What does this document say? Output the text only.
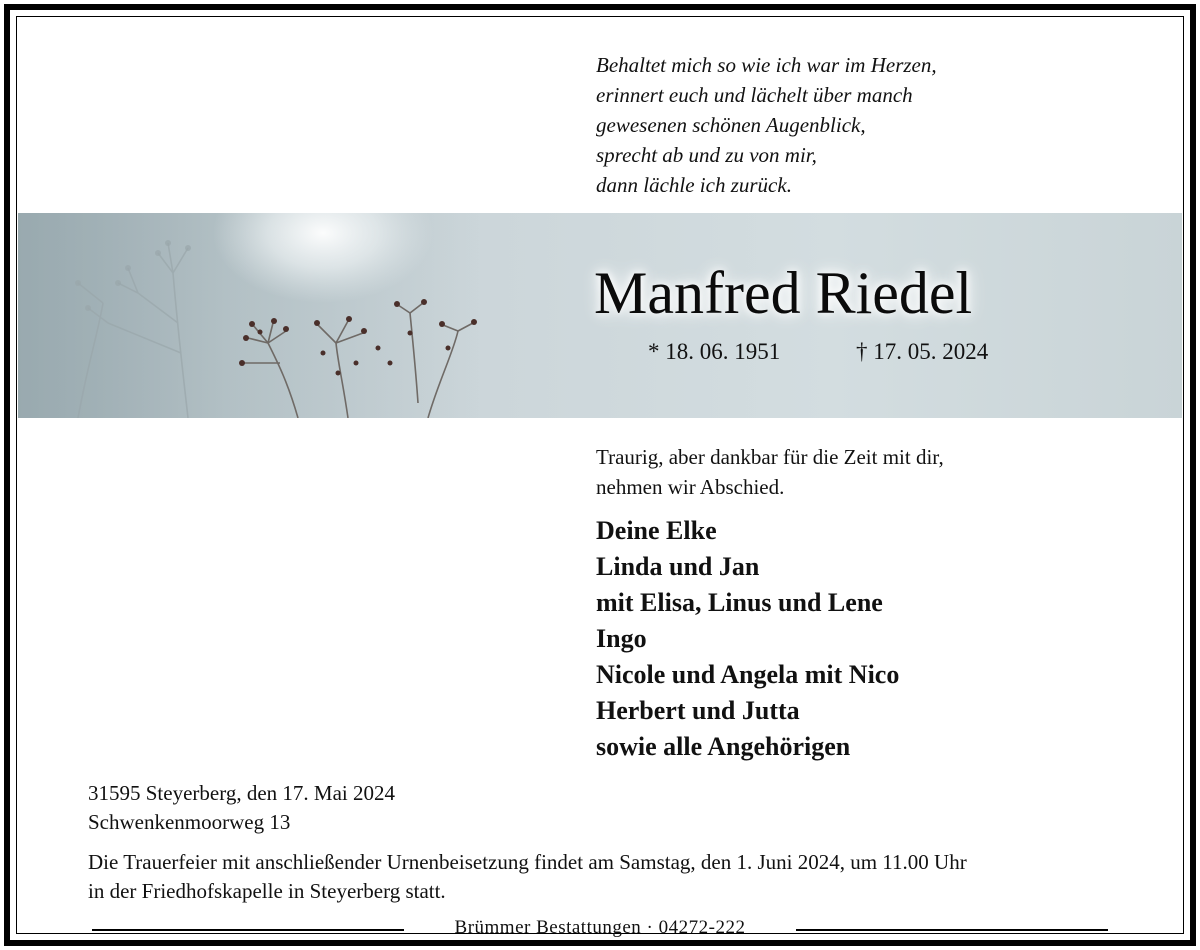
Behaltet mich so wie ich war im Herzen,
erinnert euch und lächelt über manch
gewesenen schönen Augenblick,
sprecht ab und zu von mir,
dann lächle ich zurück.
Manfred Riedel
* 18. 06. 1951	† 17. 05. 2024
Traurig, aber dankbar für die Zeit mit dir,
nehmen wir Abschied.
Deine Elke
Linda und Jan
mit Elisa, Linus und Lene
Ingo
Nicole und Angela mit Nico
Herbert und Jutta
sowie alle Angehörigen
31595 Steyerberg, den 17. Mai 2024
Schwenkenmoorweg 13
Die Trauerfeier mit anschließender Urnenbeisetzung findet am Samstag, den 1. Juni 2024, um 11.00 Uhr
in der Friedhofskapelle in Steyerberg statt.
Brümmer Bestattungen · 04272-222
